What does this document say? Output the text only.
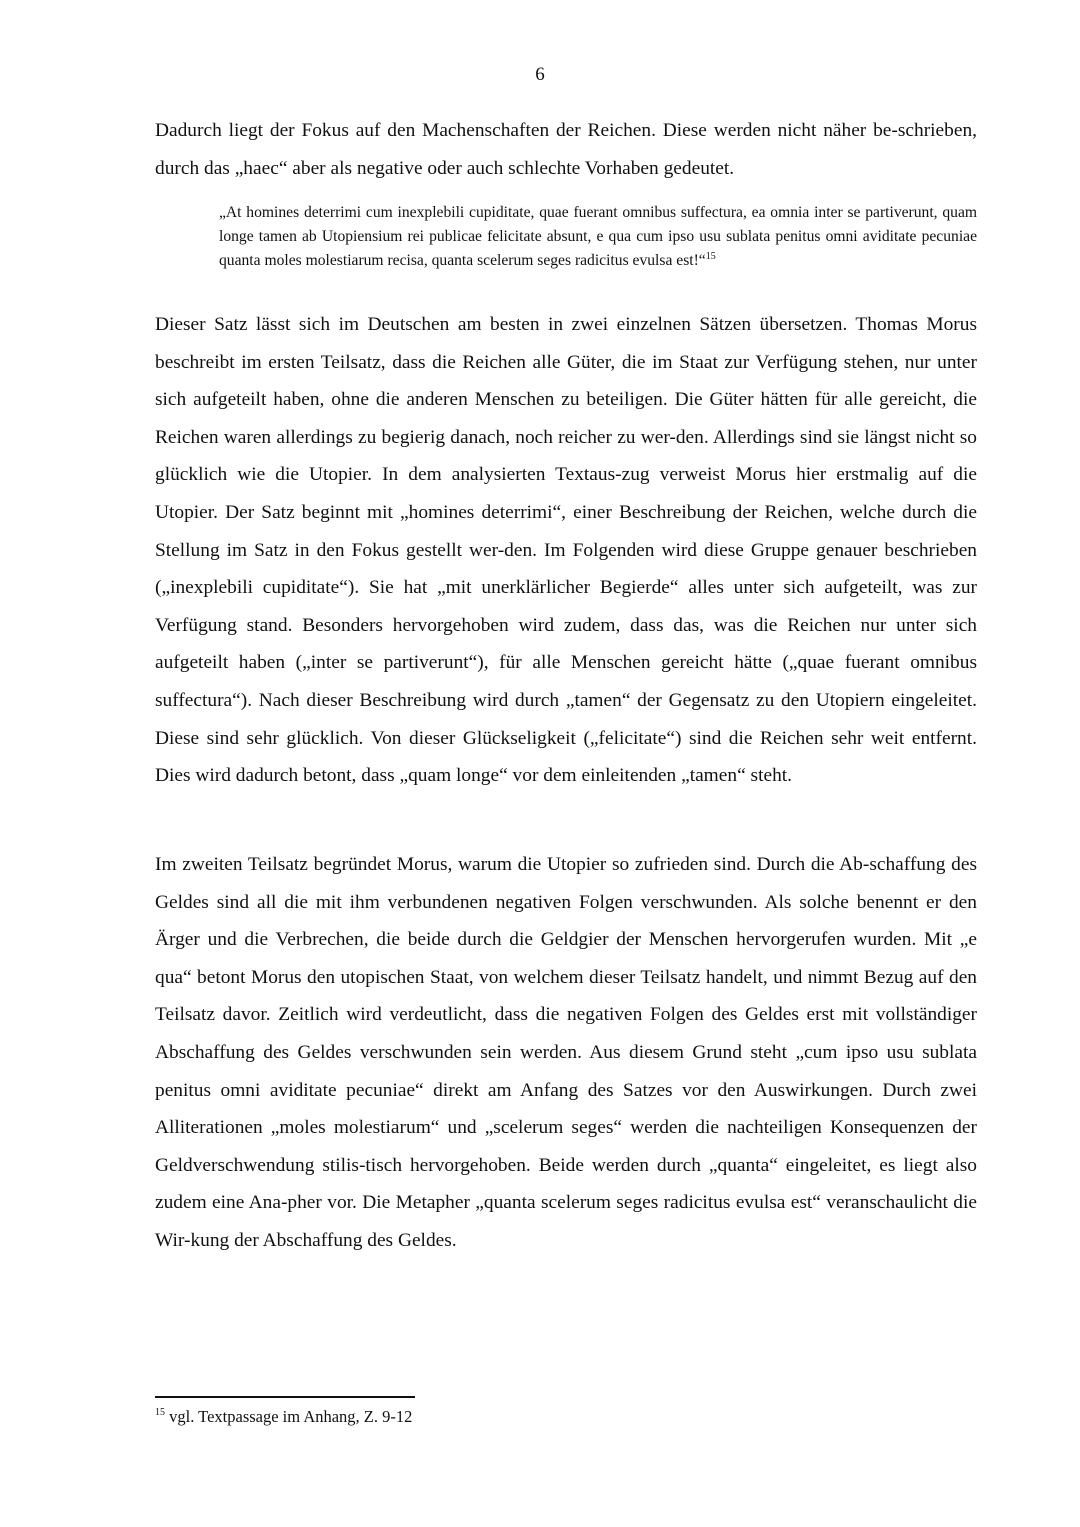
6

Dadurch liegt der Fokus auf den Machenschaften der Reichen. Diese werden nicht näher be-schrieben, durch das „haec“ aber als negative oder auch schlechte Vorhaben gedeutet.

„At homines deterrimi cum inexplebili cupiditate, quae fuerant omnibus suffectura, ea omnia inter se partiverunt, quam longe tamen ab Utopiensium rei publicae felicitate absunt, e qua cum ipso usu sublata penitus omni aviditate pecuniae quanta moles molestiarum recisa, quanta scelerum seges radicitus evulsa est!“$^{15}$

Dieser Satz lässt sich im Deutschen am besten in zwei einzelnen Sätzen übersetzen. Thomas Morus beschreibt im ersten Teilsatz, dass die Reichen alle Güter, die im Staat zur Verfügung stehen, nur unter sich aufgeteilt haben, ohne die anderen Menschen zu beteiligen. Die Güter hätten für alle gereicht, die Reichen waren allerdings zu begierig danach, noch reicher zu wer-den. Allerdings sind sie längst nicht so glücklich wie die Utopier. In dem analysierten Textaus-zug verweist Morus hier erstmalig auf die Utopier. Der Satz beginnt mit „homines deterrimi“, einer Beschreibung der Reichen, welche durch die Stellung im Satz in den Fokus gestellt wer-den. Im Folgenden wird diese Gruppe genauer beschrieben („inexplebili cupiditate“). Sie hat „mit unerklärlicher Begierde“ alles unter sich aufgeteilt, was zur Verfügung stand. Besonders hervorgehoben wird zudem, dass das, was die Reichen nur unter sich aufgeteilt haben („inter se partiverunt“), für alle Menschen gereicht hätte („quae fuerant omnibus suffectura“). Nach dieser Beschreibung wird durch „tamen“ der Gegensatz zu den Utopiern eingeleitet. Diese sind sehr glücklich. Von dieser Glückseligkeit („felicitate“) sind die Reichen sehr weit entfernt. Dies wird dadurch betont, dass „quam longe“ vor dem einleitenden „tamen“ steht.

Im zweiten Teilsatz begründet Morus, warum die Utopier so zufrieden sind. Durch die Ab-schaffung des Geldes sind all die mit ihm verbundenen negativen Folgen verschwunden. Als solche benennt er den Ärger und die Verbrechen, die beide durch die Geldgier der Menschen hervorgerufen wurden. Mit „e qua“ betont Morus den utopischen Staat, von welchem dieser Teilsatz handelt, und nimmt Bezug auf den Teilsatz davor. Zeitlich wird verdeutlicht, dass die negativen Folgen des Geldes erst mit vollständiger Abschaffung des Geldes verschwunden sein werden. Aus diesem Grund steht „cum ipso usu sublata penitus omni aviditate pecuniae“ direkt am Anfang des Satzes vor den Auswirkungen. Durch zwei Alliterationen „moles molestiarum“ und „scelerum seges“ werden die nachteiligen Konsequenzen der Geldverschwendung stilis-tisch hervorgehoben. Beide werden durch „quanta“ eingeleitet, es liegt also zudem eine Ana-pher vor. Die Metapher „quanta scelerum seges radicitus evulsa est“ veranschaulicht die Wir-kung der Abschaffung des Geldes.

$^{15}$ vgl. Textpassage im Anhang, Z. 9-12
